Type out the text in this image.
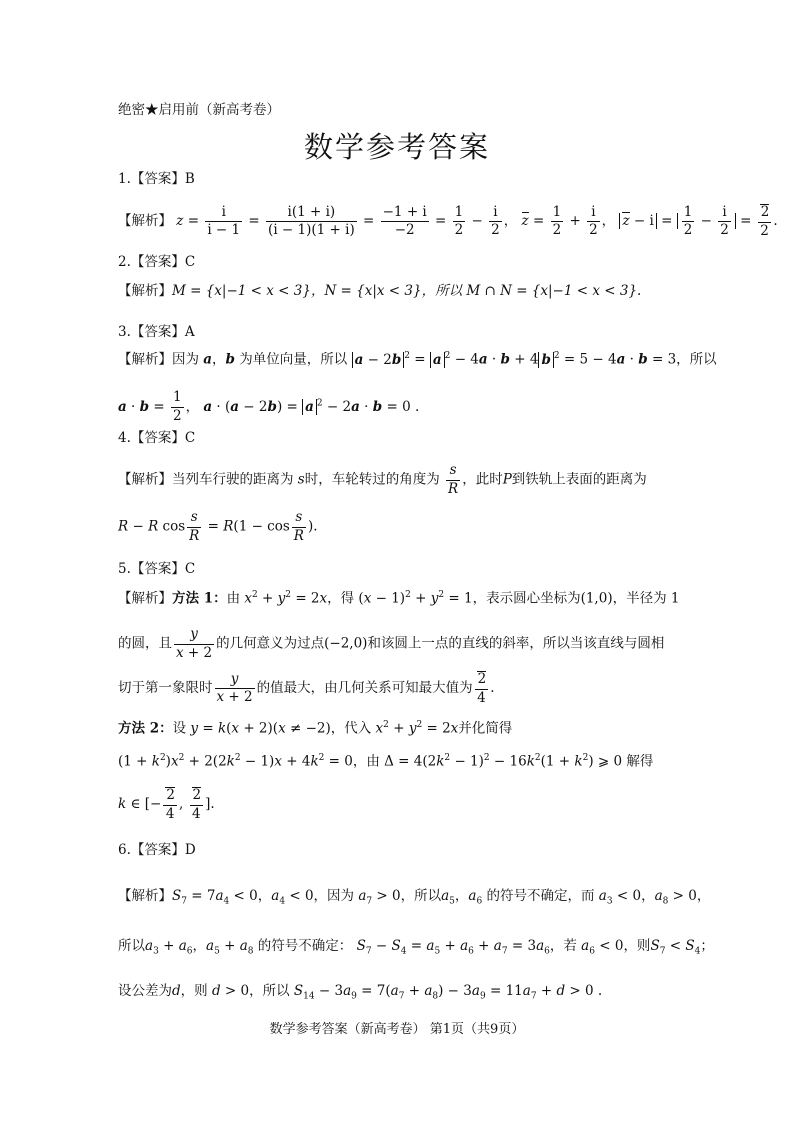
绝密★启用前（新高考卷）
数学参考答案
1.【答案】B
【解析】 $z = \frac{i}{i - 1} = \frac{i(1 + i)}{(i - 1)(1 + i)} = \frac{-1 + i}{-2} = \frac{1}{2} - \frac{i}{2}$ ， $z = \frac{1}{2} + \frac{i}{2}$ ， $z - i = \frac{1}{2} - \frac{i}{2} = \frac{2}{2}$ .
2.【答案】C
【解析】M = {x|−1 < x < 3}，N = {x|x < 3}，所以 M ∩ N = {x|−1 < x < 3}.
3.【答案】A
【解析】因为 a，b 为单位向量，所以 a − 2b $^2$ = a $^2$ − 4a · b + 4 b $^2$ = 5 − 4a · b = 3，所以
$a \cdot b = \frac{1}{2}$ ， a · (a − 2b) = a $^2$ − 2a · b = 0 .
4.【答案】C
【解析】当列车行驶的距离为 s时，车轮转过的角度为 $\frac{s}{R}$ ，此时P到铁轨上表面的距离为
R − R $\cos \frac{s}{R} = R(1 - \cos \frac{s}{R}$ ).
5.【答案】C
【解析】方法 1：由 $x^2 + y^2 = 2x$，得 $(x - 1)^2 + y^2 = 1$，表示圆心坐标为(1,0)，半径为 1
的圆，且 $\frac{y}{x + 2}$ 的几何意义为过点(−2,0)和该圆上一点的直线的斜率，所以当该直线与圆相
切于第一象限时 $\frac{y}{x + 2}$ 的值最大，由几何关系可知最大值为 $\frac{2}{4}$ .
方法 2：设 y = k(x + 2)(x ≠ −2)，代入 $x^2 + y^2 = 2x$并化简得
$(1 + k^2)x^2 + 2(2k^2 - 1)x + 4k^2 = 0$，由 $\Delta = 4(2k^2 - 1)^2 - 16k^2(1 + k^2)$ ⩾ 0 解得
k ∈ [− $\frac{2}{4}$ , $\frac{2}{4}$ ].
6.【答案】D
【解析】$S_7 = 7a_4 < 0$，$a_4 < 0$，因为 $a_7 > 0$，所以$a_5$，$a_6$ 的符号不确定，而 $a_3 < 0$，$a_8 > 0$，
所以$a_3 + a_6$，$a_5 + a_8$ 的符号不确定： $S_7 - S_4 = a_5 + a_6 + a_7 = 3a_6$，若 $a_6 < 0$，则$S_7 < S_4$；
设公差为d，则 d > 0，所以 $S_{14} - 3a_9 = 7(a_7 + a_8) - 3a_9 = 11a_7 + d > 0$ .
数学参考答案（新高考卷） 第1页（共9页）
